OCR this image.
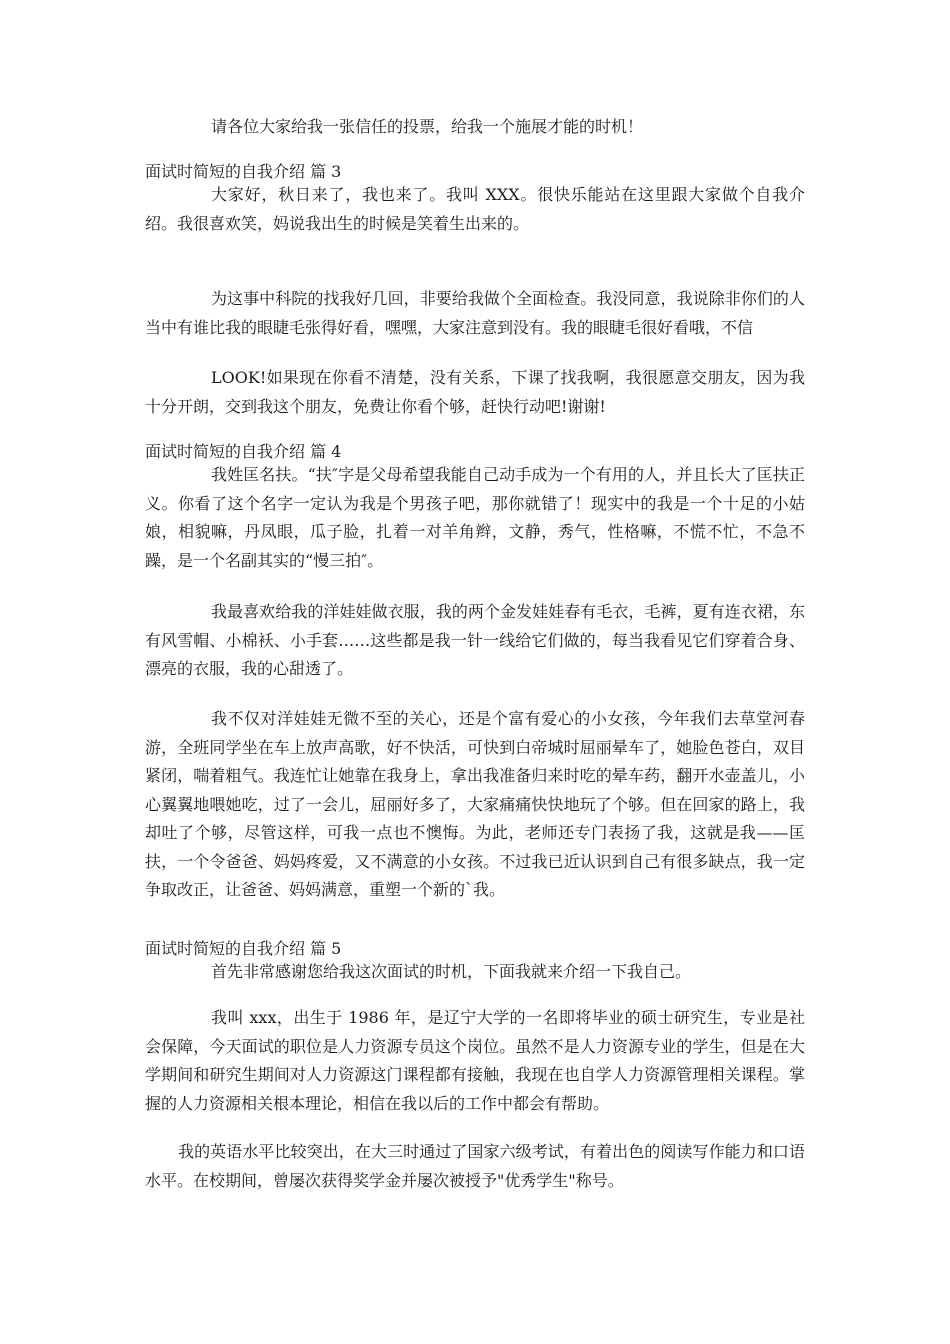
请各位大家给我一张信任的投票，给我一个施展才能的时机！

面试时简短的自我介绍 篇 3

大家好，秋日来了，我也来了。我叫 XXX。很快乐能站在这里跟大家做个自我介绍。我很喜欢笑，妈说我出生的时候是笑着生出来的。

为这事中科院的找我好几回，非要给我做个全面检查。我没同意，我说除非你们的人当中有谁比我的眼睫毛张得好看，嘿嘿，大家注意到没有。我的眼睫毛很好看哦，不信

LOOK!如果现在你看不清楚，没有关系，下课了找我啊，我很愿意交朋友，因为我十分开朗，交到我这个朋友，免费让你看个够，赶快行动吧!谢谢!

面试时简短的自我介绍 篇 4

我姓匡名扶。“扶″字是父母希望我能自己动手成为一个有用的人，并且长大了匡扶正义。你看了这个名字一定认为我是个男孩子吧，那你就错了！现实中的我是一个十足的小姑娘，相貌嘛，丹凤眼，瓜子脸，扎着一对羊角辫，文静，秀气，性格嘛，不慌不忙，不急不躁，是一个名副其实的“慢三拍″。

我最喜欢给我的洋娃娃做衣服，我的两个金发娃娃春有毛衣，毛裤，夏有连衣裙，东有风雪帽、小棉袄、小手套……这些都是我一针一线给它们做的，每当我看见它们穿着合身、漂亮的衣服，我的心甜透了。

我不仅对洋娃娃无微不至的关心，还是个富有爱心的小女孩，今年我们去草堂河春游，全班同学坐在车上放声高歌，好不快活，可快到白帝城时屈丽晕车了，她脸色苍白，双目紧闭，喘着粗气。我连忙让她靠在我身上，拿出我准备归来时吃的晕车药，翻开水壶盖儿，小心翼翼地喂她吃，过了一会儿，屈丽好多了，大家痛痛快快地玩了个够。但在回家的路上，我却吐了个够，尽管这样，可我一点也不懊悔。为此，老师还专门表扬了我，这就是我——匡扶，一个令爸爸、妈妈疼爱，又不满意的小女孩。不过我已近认识到自己有很多缺点，我一定争取改正，让爸爸、妈妈满意，重塑一个新的`我。

面试时简短的自我介绍 篇 5

首先非常感谢您给我这次面试的时机，下面我就来介绍一下我自己。

我叫 xxx，出生于 1986 年，是辽宁大学的一名即将毕业的硕士研究生，专业是社会保障，今天面试的职位是人力资源专员这个岗位。虽然不是人力资源专业的学生，但是在大学期间和研究生期间对人力资源这门课程都有接触，我现在也自学人力资源管理相关课程。掌握的人力资源相关根本理论，相信在我以后的工作中都会有帮助。

我的英语水平比较突出，在大三时通过了国家六级考试，有着出色的阅读写作能力和口语水平。在校期间，曾屡次获得奖学金并屡次被授予"优秀学生"称号。
